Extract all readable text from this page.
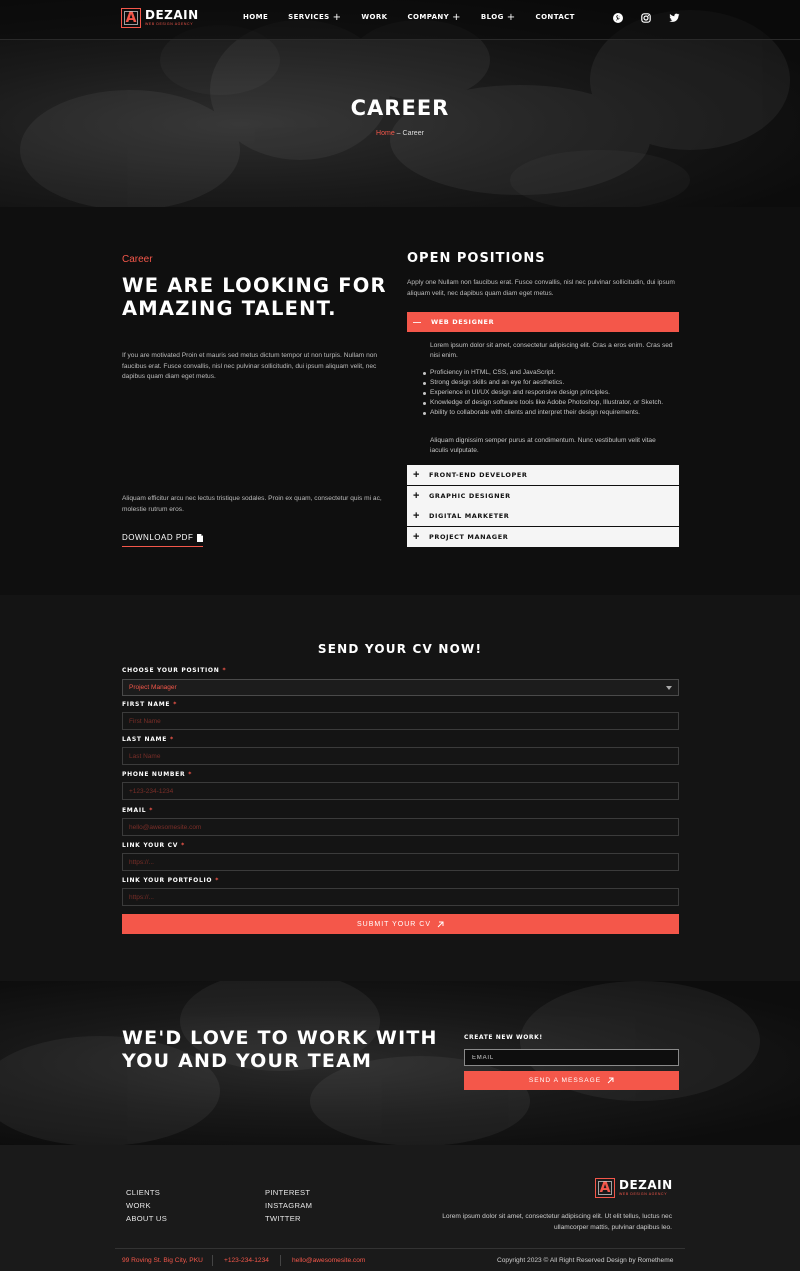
CAREER
Home – Career
A DEZAIN
WEB DESIGN AGENCY
HOME	SERVICES +	WORK	COMPANY +	BLOG +	CONTACT
Career
WE ARE LOOKING FOR AMAZING TALENT.
If you are motivated Proin et mauris sed metus dictum tempor ut non turpis. Nullam non faucibus erat. Fusce convallis, nisl nec pulvinar sollicitudin, dui ipsum aliquam velit, nec dapibus quam diam eget metus.
Aliquam efficitur arcu nec lectus tristique sodales. Proin ex quam, consectetur quis mi ac, molestie rutrum eros.
DOWNLOAD PDF
OPEN POSITIONS
Apply one Nullam non faucibus erat. Fusce convallis, nisl nec pulvinar sollicitudin, dui ipsum aliquam velit, nec dapibus quam diam eget metus.
— WEB DESIGNER
Lorem ipsum dolor sit amet, consectetur adipiscing elit. Cras a eros enim. Cras sed nisi enim.
Proficiency in HTML, CSS, and JavaScript.
Strong design skills and an eye for aesthetics.
Experience in UI/UX design and responsive design principles.
Knowledge of design software tools like Adobe Photoshop, Illustrator, or Sketch.
Ability to collaborate with clients and interpret their design requirements.
Aliquam dignissim semper purus at condimentum. Nunc vestibulum velit vitae iaculis vulputate.
+ FRONT-END DEVELOPER
+ GRAPHIC DESIGNER
+ DIGITAL MARKETER
+ PROJECT MANAGER
SEND YOUR CV NOW!
CHOOSE YOUR POSITION *
Project Manager
FIRST NAME *
First Name
LAST NAME *
Last Name
PHONE NUMBER *
+123-234-1234
EMAIL *
hello@awesomesite.com
LINK YOUR CV *
https://...
LINK YOUR PORTFOLIO *
https://...
SUBMIT YOUR CV
WE'D LOVE TO WORK WITH YOU AND YOUR TEAM
CREATE NEW WORK!
EMAIL
SEND A MESSAGE
CLIENTS
WORK
ABOUT US
PINTEREST
INSTAGRAM
TWITTER
A DEZAIN
WEB DESIGN AGENCY
Lorem ipsum dolor sit amet, consectetur adipiscing elit. Ut elit tellus, luctus nec ullamcorper mattis, pulvinar dapibus leo.
99 Roving St. Big City, PKU	+123-234-1234	hello@awesomesite.com	Copyright 2023 © All Right Reserved Design by Rometheme
